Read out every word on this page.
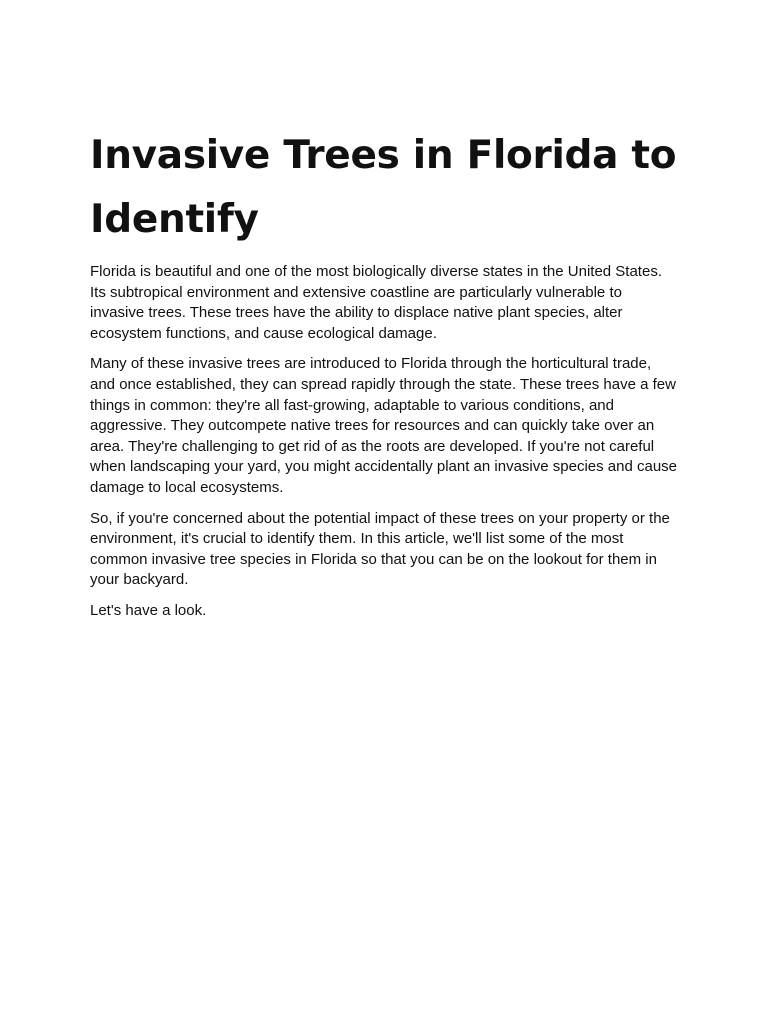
Invasive Trees in Florida to Identify

Florida is beautiful and one of the most biologically diverse states in the United States. Its subtropical environment and extensive coastline are particularly vulnerable to invasive trees. These trees have the ability to displace native plant species, alter ecosystem functions, and cause ecological damage.

Many of these invasive trees are introduced to Florida through the horticultural trade, and once established, they can spread rapidly through the state. These trees have a few things in common: they're all fast-growing, adaptable to various conditions, and aggressive. They outcompete native trees for resources and can quickly take over an area. They're challenging to get rid of as the roots are developed. If you're not careful when landscaping your yard, you might accidentally plant an invasive species and cause damage to local ecosystems.

So, if you're concerned about the potential impact of these trees on your property or the environment, it's crucial to identify them. In this article, we'll list some of the most common invasive tree species in Florida so that you can be on the lookout for them in your backyard.

Let's have a look.
